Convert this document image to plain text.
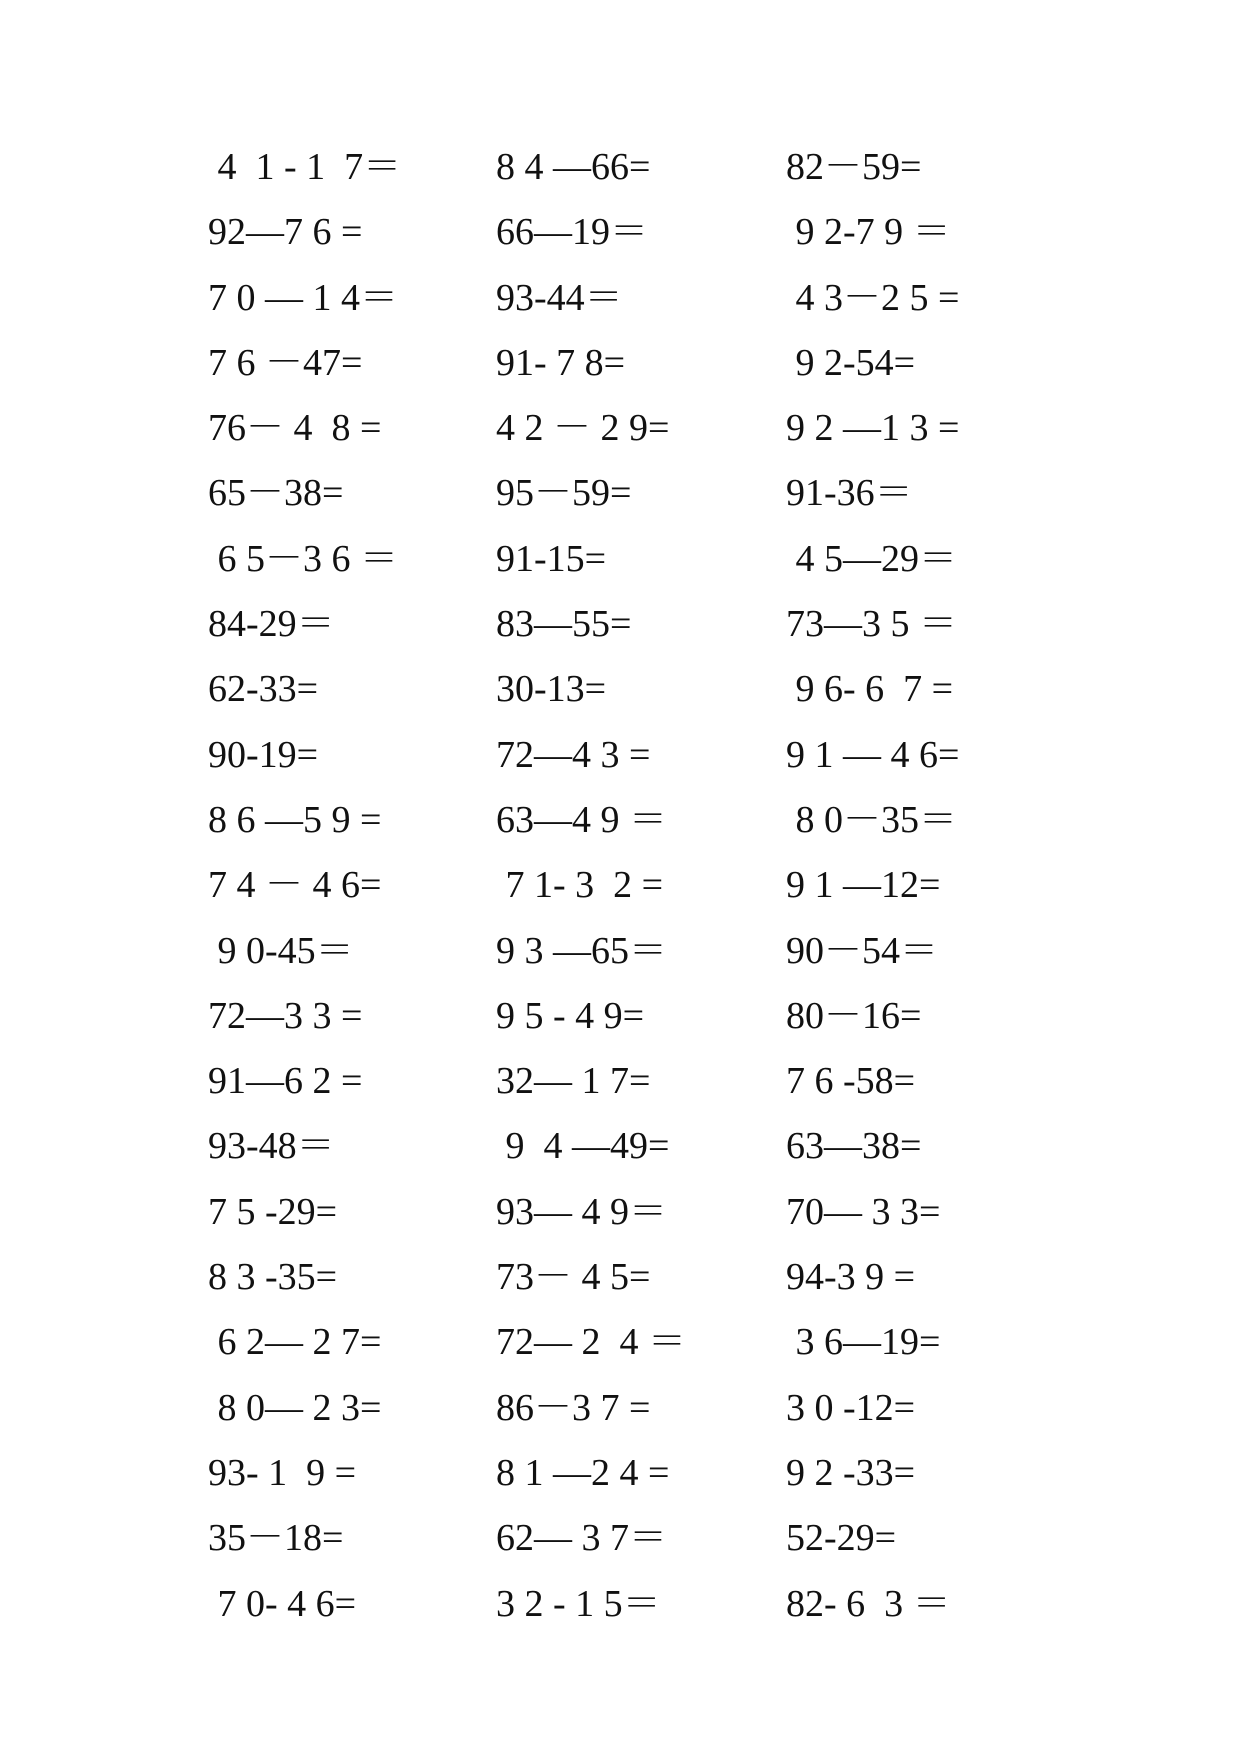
4  1 - 1  7＝	8 4 —66=	82－59=
92—7 6 =	66—19＝	9 2-7 9 ＝
7 0 — 1 4＝	93-44＝	4 3－2 5 =
7 6 －47=	91- 7 8=	9 2-54=
76－ 4  8 =	4 2 － 2 9=	9 2 —1 3 =
65－38=	95－59=	91-36＝
6 5－3 6 ＝	91-15=	4 5—29＝
84-29＝	83—55=	73—3 5 ＝
62-33=	30-13=	9 6- 6  7 =
90-19=	72—4 3 =	9 1 — 4 6=
8 6 —5 9 =	63—4 9 ＝	8 0－35＝
7 4 － 4 6=	7 1- 3  2 =	9 1 —12=
9 0-45＝	9 3 —65＝	90－54＝
72—3 3 =	9 5 - 4 9=	80－16=
91—6 2 =	32— 1 7=	7 6 -58=
93-48＝	9  4 —49=	63—38=
7 5 -29=	93— 4 9＝	70— 3 3=
8 3 -35=	73－ 4 5=	94-3 9 =
6 2— 2 7=	72— 2  4 ＝	3 6—19=
8 0— 2 3=	86－3 7 =	3 0 -12=
93- 1  9 =	8 1 —2 4 =	9 2 -33=
35－18=	62— 3 7＝	52-29=
7 0- 4 6=	3 2 - 1 5＝	82- 6  3 ＝
